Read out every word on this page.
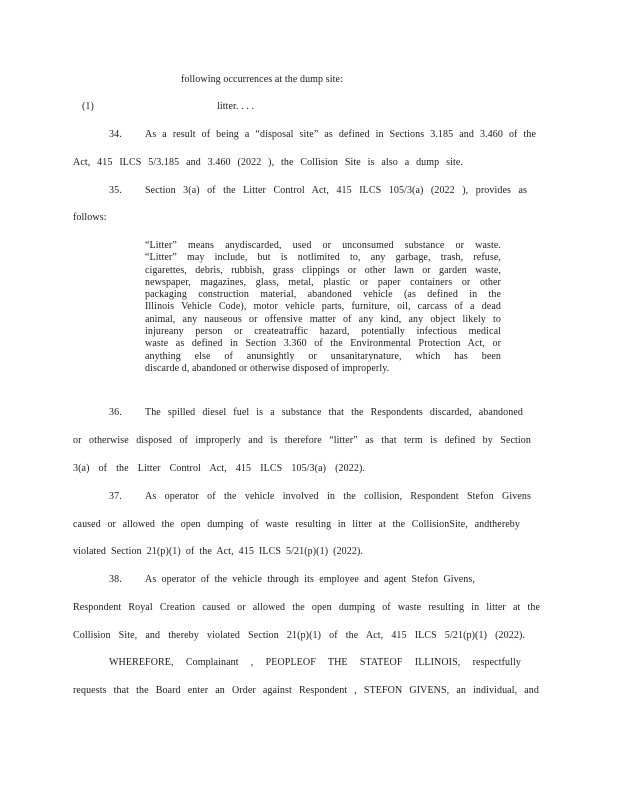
following occurrences at the dump site:
(1)	litter. . . .
34. As a result of being a “disposal site” as defined in Sections 3.185 and 3.460 of the
Act, 415 ILCS 5/3.185 and 3.460 (2022 ), the Collision Site is also a dump site.
35. Section 3(a) of the Litter Control Act, 415 ILCS 105/3(a) (2022 ), provides as
follows:
“Litter” means anydiscarded, used or unconsumed substance or waste.
“Litter” may include, but is notlimited to, any garbage, trash, refuse,
cigarettes, debris, rubbish, grass clippings or other lawn or garden waste,
newspaper, magazines, glass, metal, plastic or paper containers or other
packaging construction material, abandoned vehicle (as defined in the
Illinois Vehicle Code), motor vehicle parts, furniture, oil, carcass of a dead
animal, any nauseous or offensive matter of any kind, any object likely to
injureany person or createatraffic hazard, potentially infectious medical
waste as defined in Section 3.360 of the Environmental Protection Act, or
anything else of anunsightly or unsanitarynature, which has been
discarde d, abandoned or otherwise disposed of improperly.
36. The spilled diesel fuel is a substance that the Respondents discarded, abandoned
or otherwise disposed of improperly and is therefore “litter” as that term is defined by Section
3(a) of the Litter Control Act, 415 ILCS 105/3(a) (2022).
37. As operator of the vehicle involved in the collision, Respondent Stefon Givens
caused or allowed the open dumping of waste resulting in litter at the CollisionSite, andthereby
violated Section 21(p)(1) of the Act, 415 ILCS 5/21(p)(1) (2022).
38. As operator of the vehicle through its employee and agent Stefon Givens,
Respondent Royal Creation caused or allowed the open dumping of waste resulting in litter at the
Collision Site, and thereby violated Section 21(p)(1) of the Act, 415 ILCS 5/21(p)(1) (2022).
WHEREFORE, Complainant , PEOPLEOF THE STATEOF ILLINOIS, respectfully
requests that the Board enter an Order against Respondent , STEFON GIVENS, an individual, and
